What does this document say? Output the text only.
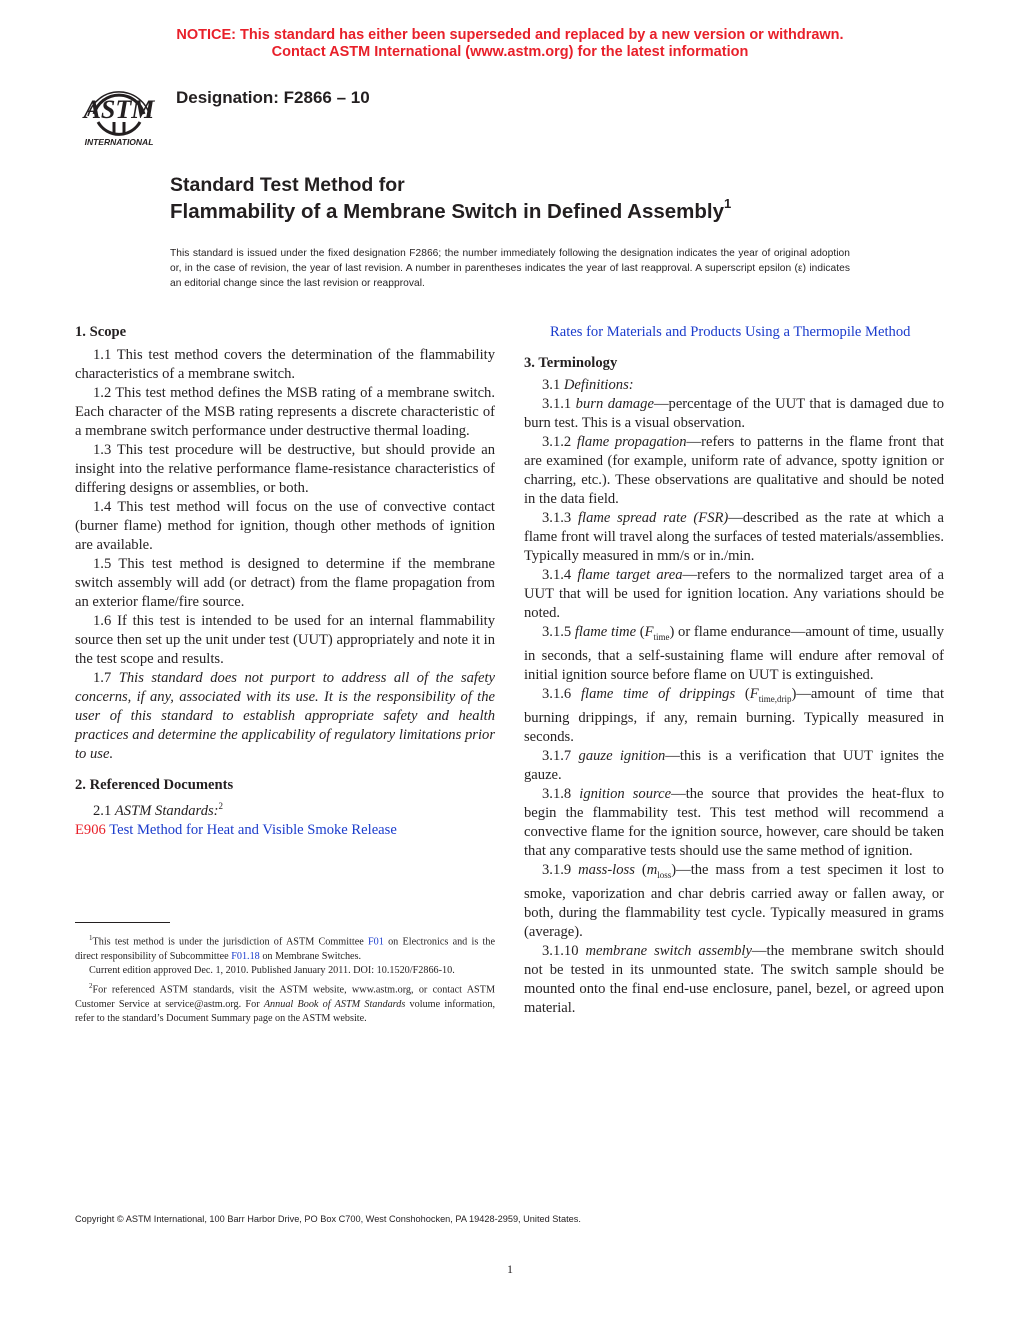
NOTICE: This standard has either been superseded and replaced by a new version or withdrawn.
Contact ASTM International (www.astm.org) for the latest information
ASTM
INTERNATIONAL
Designation: F2866 – 10
Standard Test Method for
Flammability of a Membrane Switch in Defined Assembly$^1$
This standard is issued under the fixed designation F2866; the number immediately following the designation indicates the year of original adoption or, in the case of revision, the year of last revision. A number in parentheses indicates the year of last reapproval. A superscript epsilon (ε) indicates an editorial change since the last revision or reapproval.
1. Scope

1.1 This test method covers the determination of the flammability characteristics of a membrane switch.

1.2 This test method defines the MSB rating of a membrane switch. Each character of the MSB rating represents a discrete characteristic of a membrane switch performance under destructive thermal loading.

1.3 This test procedure will be destructive, but should provide an insight into the relative performance flame-resistance characteristics of differing designs or assemblies, or both.

1.4 This test method will focus on the use of convective contact (burner flame) method for ignition, though other methods of ignition are available.

1.5 This test method is designed to determine if the membrane switch assembly will add (or detract) from the flame propagation from an exterior flame/fire source.

1.6 If this test is intended to be used for an internal flammability source then set up the unit under test (UUT) appropriately and note it in the test scope and results.

1.7 This standard does not purport to address all of the safety concerns, if any, associated with its use. It is the responsibility of the user of this standard to establish appropriate safety and health practices and determine the applicability of regulatory limitations prior to use.

2. Referenced Documents

2.1 ASTM Standards:$^2$

E906 Test Method for Heat and Visible Smoke Release

$^1$This test method is under the jurisdiction of ASTM Committee F01 on Electronics and is the direct responsibility of Subcommittee F01.18 on Membrane Switches.

Current edition approved Dec. 1, 2010. Published January 2011. DOI: 10.1520/F2866-10.

$^2$For referenced ASTM standards, visit the ASTM website, www.astm.org, or contact ASTM Customer Service at service@astm.org. For Annual Book of ASTM Standards volume information, refer to the standard’s Document Summary page on the ASTM website.

Rates for Materials and Products Using a Thermopile Method

3. Terminology

3.1 Definitions:

3.1.1 burn damage—percentage of the UUT that is damaged due to burn test. This is a visual observation.

3.1.2 flame propagation—refers to patterns in the flame front that are examined (for example, uniform rate of advance, spotty ignition or charring, etc.). These observations are qualitative and should be noted in the data field.

3.1.3 flame spread rate (FSR)—described as the rate at which a flame front will travel along the surfaces of tested materials/assemblies. Typically measured in mm/s or in./min.

3.1.4 flame target area—refers to the normalized target area of a UUT that will be used for ignition location. Any variations should be noted.

3.1.5 flame time $(F_{time})$ or flame endurance—amount of time, usually in seconds, that a self-sustaining flame will endure after removal of initial ignition source before flame on UUT is extinguished.

3.1.6 flame time of drippings $(F_{time,drip})—amount$ of time that burning drippings, if any, remain burning. Typically measured in seconds.

3.1.7 gauze ignition—this is a verification that UUT ignites the gauze.

3.1.8 ignition source—the source that provides the heat-flux to begin the flammability test. This test method will recommend a convective flame for the ignition source, however, care should be taken that any comparative tests should use the same method of ignition.

3.1.9 mass-loss $(m_{loss})—the$ mass from a test specimen it lost to smoke, vaporization and char debris carried away or fallen away, or both, during the flammability test cycle. Typically measured in grams (average).

3.1.10 membrane switch assembly—the membrane switch should not be tested in its unmounted state. The switch sample should be mounted onto the final end-use enclosure, panel, bezel, or agreed upon material.

Copyright © ASTM International, 100 Barr Harbor Drive, PO Box C700, West Conshohocken, PA 19428-2959, United States.
1
